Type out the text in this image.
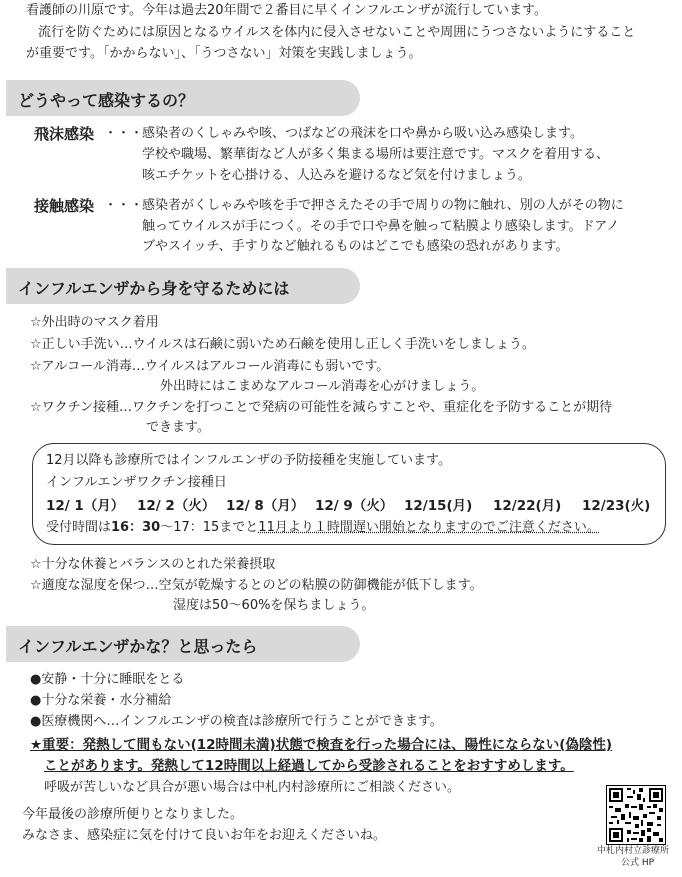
看護師の川原です。今年は過去20年間で２番目に早くインフルエンザが流行しています。
流行を防ぐためには原因となるウイルスを体内に侵入させないことや周囲にうつさないようにすること
が重要です。「かからない」、「うつさない」対策を実践しましょう。
どうやって感染するの？
飛沫感染 ・・・
感染者のくしゃみや咳、つばなどの飛沫を口や鼻から吸い込み感染します。
学校や職場、繁華街など人が多く集まる場所は要注意です。マスクを着用する、
咳エチケットを心掛ける、人込みを避けるなど気を付けましょう。
接触感染 ・・・
感染者がくしゃみや咳を手で押さえたその手で周りの物に触れ、別の人がその物に
触ってウイルスが手につく。その手で口や鼻を触って粘膜より感染します。ドアノ
ブやスイッチ、手すりなど触れるものはどこでも感染の恐れがあります。
インフルエンザから身を守るためには
☆外出時のマスク着用
☆正しい手洗い…ウイルスは石鹸に弱いため石鹸を使用し正しく手洗いをしましょう。
☆アルコール消毒…ウイルスはアルコール消毒にも弱いです。
外出時にはこまめなアルコール消毒を心がけましょう。
☆ワクチン接種…ワクチンを打つことで発病の可能性を減らすことや、重症化を予防することが期待
できます。
12月以降も診療所ではインフルエンザの予防接種を実施しています。
インフルエンザワクチン接種日
12/ 1（月） 12/ 2（火） 12/ 8（月） 12/ 9（火） 12/15(月) 12/22(月) 12/23(火)
受付時間は16：30～17：15までと11月より１時間遅い開始となりますのでご注意ください。
☆十分な休養とバランスのとれた栄養摂取
☆適度な湿度を保つ…空気が乾燥するとのどの粘膜の防御機能が低下します。
湿度は50～60%を保ちましょう。
インフルエンザかな？と思ったら
●安静・十分に睡眠をとる
●十分な栄養・水分補給
●医療機関へ…インフルエンザの検査は診療所で行うことができます。
★重要：発熱して間もない(12時間未満)状態で検査を行った場合には、陽性にならない(偽陰性)
ことがあります。発熱して12時間以上経過してから受診されることをおすすめします。
呼吸が苦しいなど具合が悪い場合は中札内村診療所にご相談ください。
今年最後の診療所便りとなりました。
みなさま、感染症に気を付けて良いお年をお迎えくださいね。
中札内村立診療所
公式 HP
